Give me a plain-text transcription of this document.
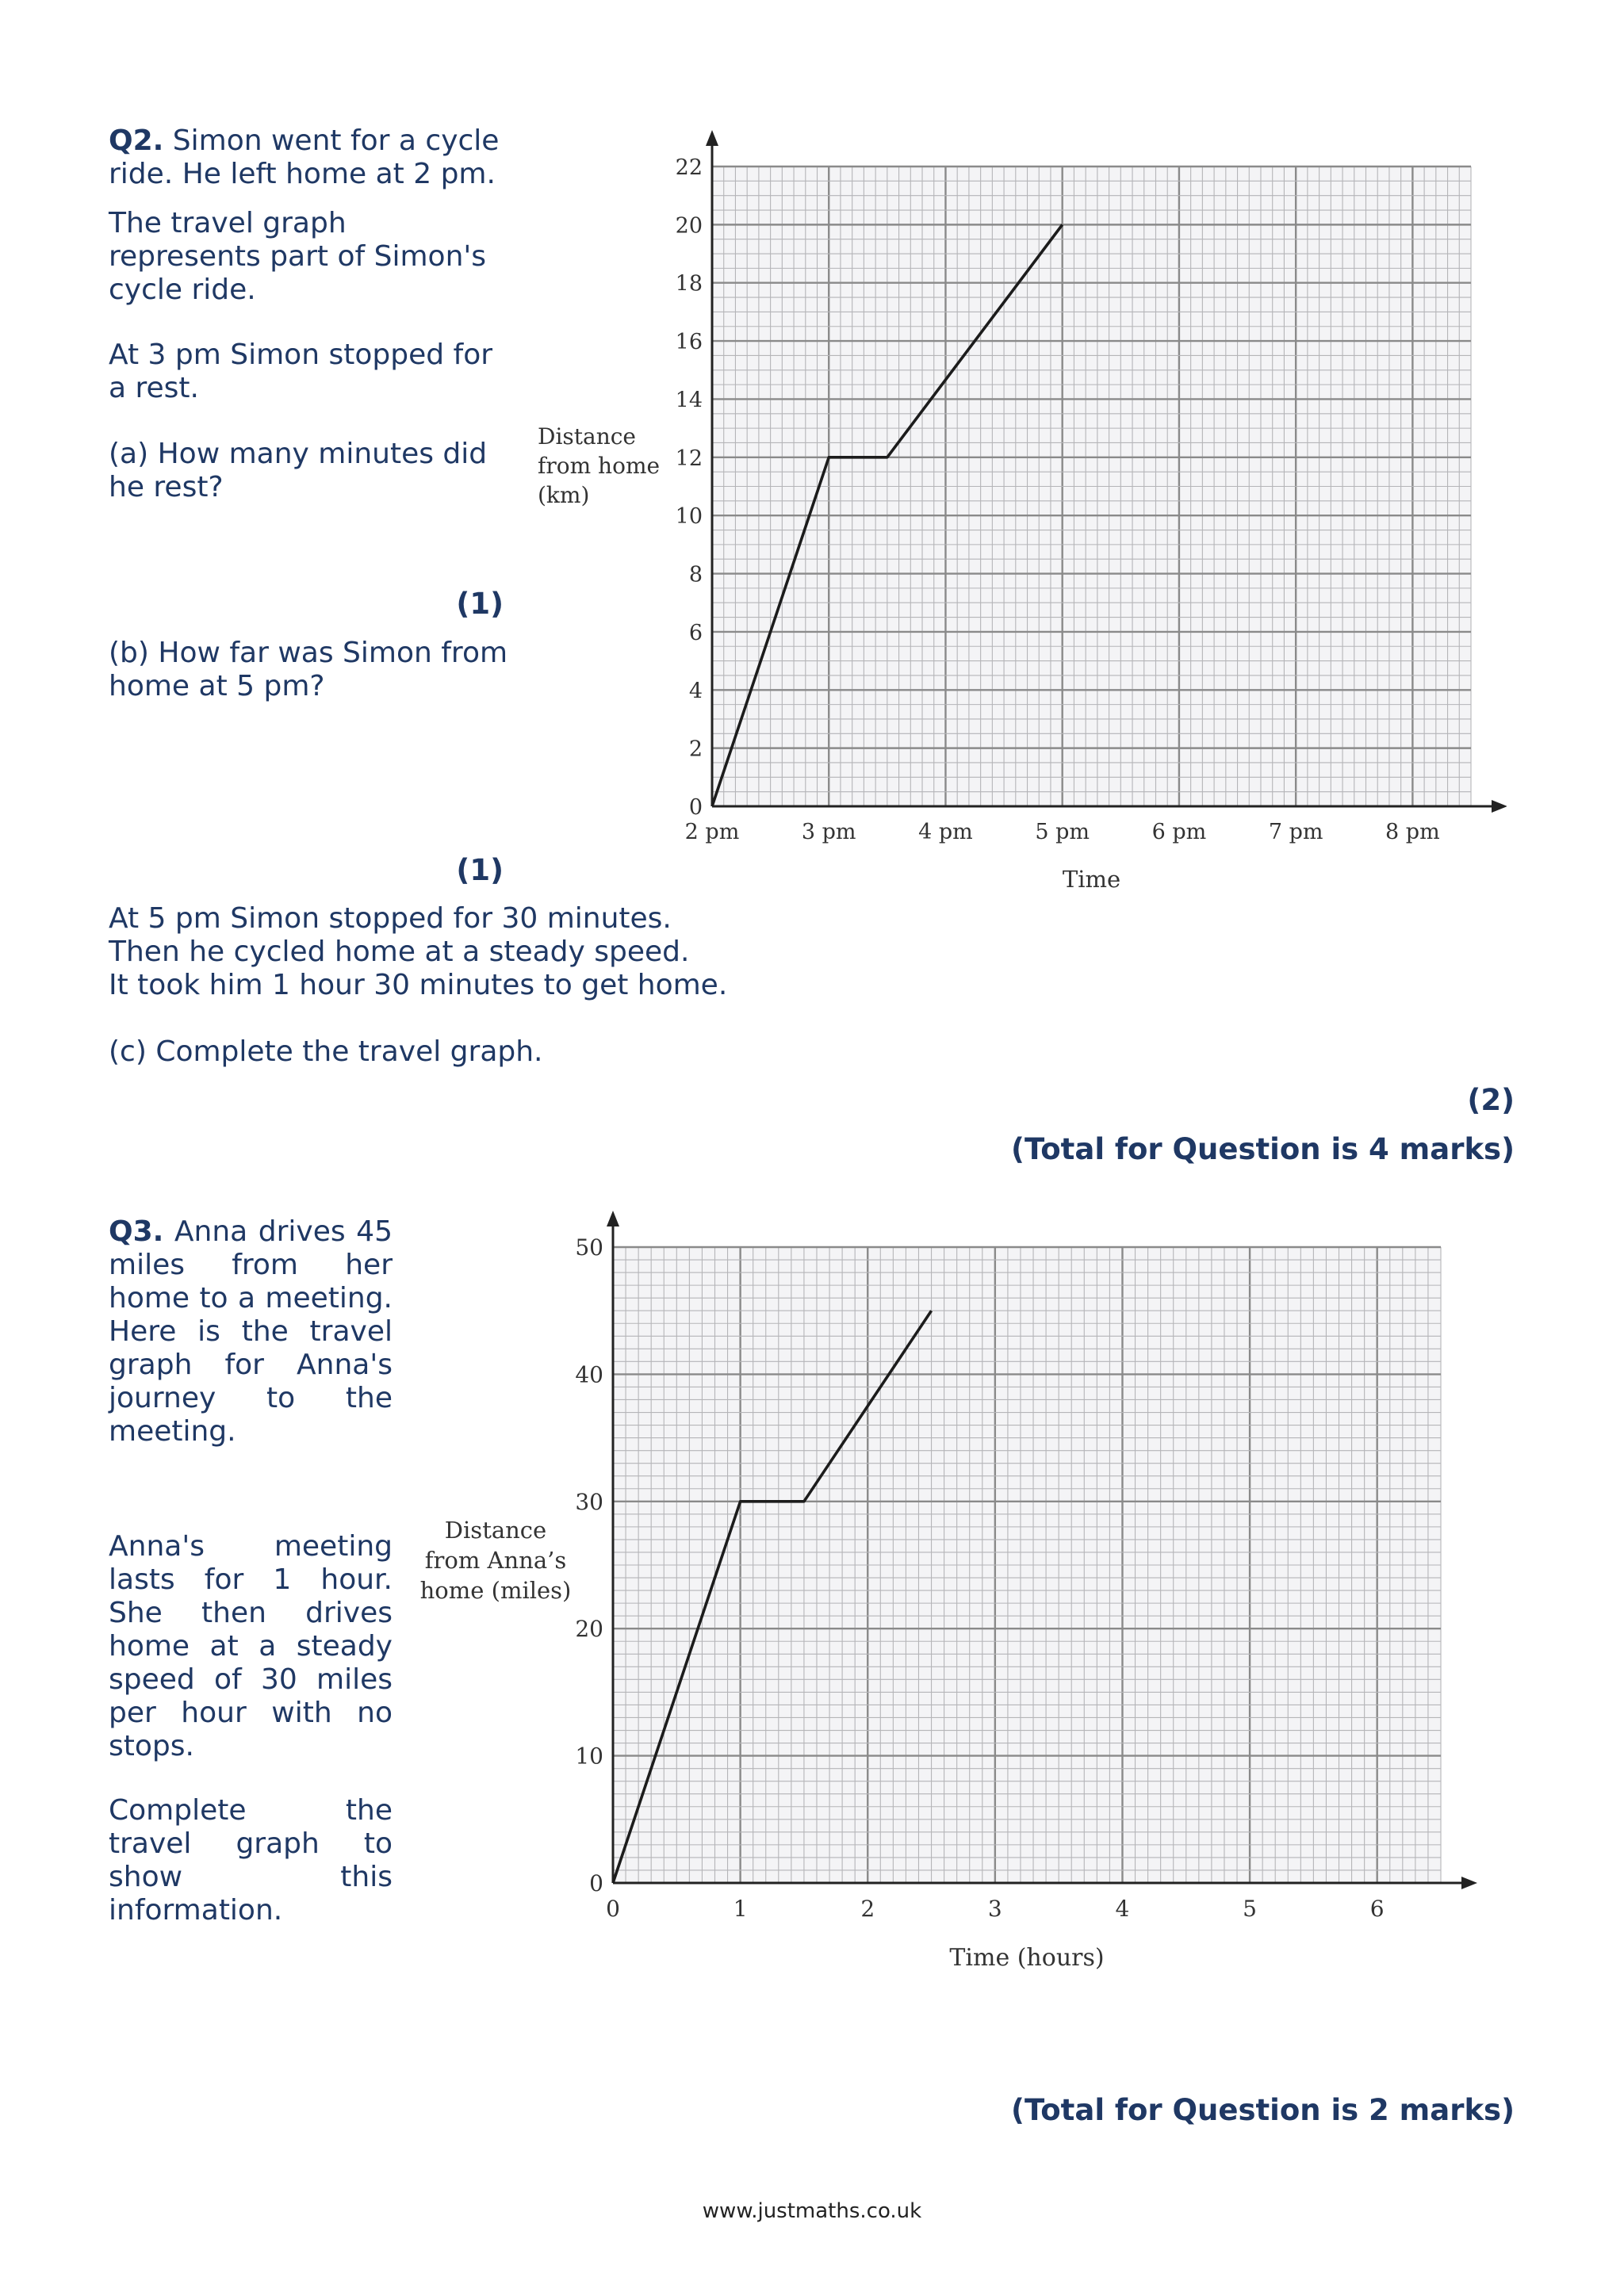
Q2. Simon went for a cycle ride. He left home at 2 pm.

The travel graph represents part of Simon's cycle ride.

At 3 pm Simon stopped for a rest.
(a) How many minutes did he rest?
(1)
(b) How far was Simon from home at 5 pm?
(1)

At 5 pm Simon stopped for 30 minutes.

Then he cycled home at a steady speed.

It took him 1 hour 30 minutes to get home.

(c) Complete the travel graph.
(2)
(Total for Question is 4 marks)

Q3. Anna drives 45 miles from her home to a meeting. Here is the travel graph for Anna's journey to the meeting.

Anna's meeting lasts for 1 hour. She then drives home at a steady speed of 30 miles per hour with no stops.
Complete the travel graph to show this information.
(Total for Question is 2 marks)
0
2
4
6
8
10
12
14
16
18
20
22
2 pm	3 pm	4 pm	5 pm	6 pm	7 pm	8 pm
Time
Distance
from home
(km)
0
10
20
30
40
50
0	1	2	3	4	5	6
Time (hours)
Distance
from Anna’s
home (miles)
www.justmaths.co.uk
